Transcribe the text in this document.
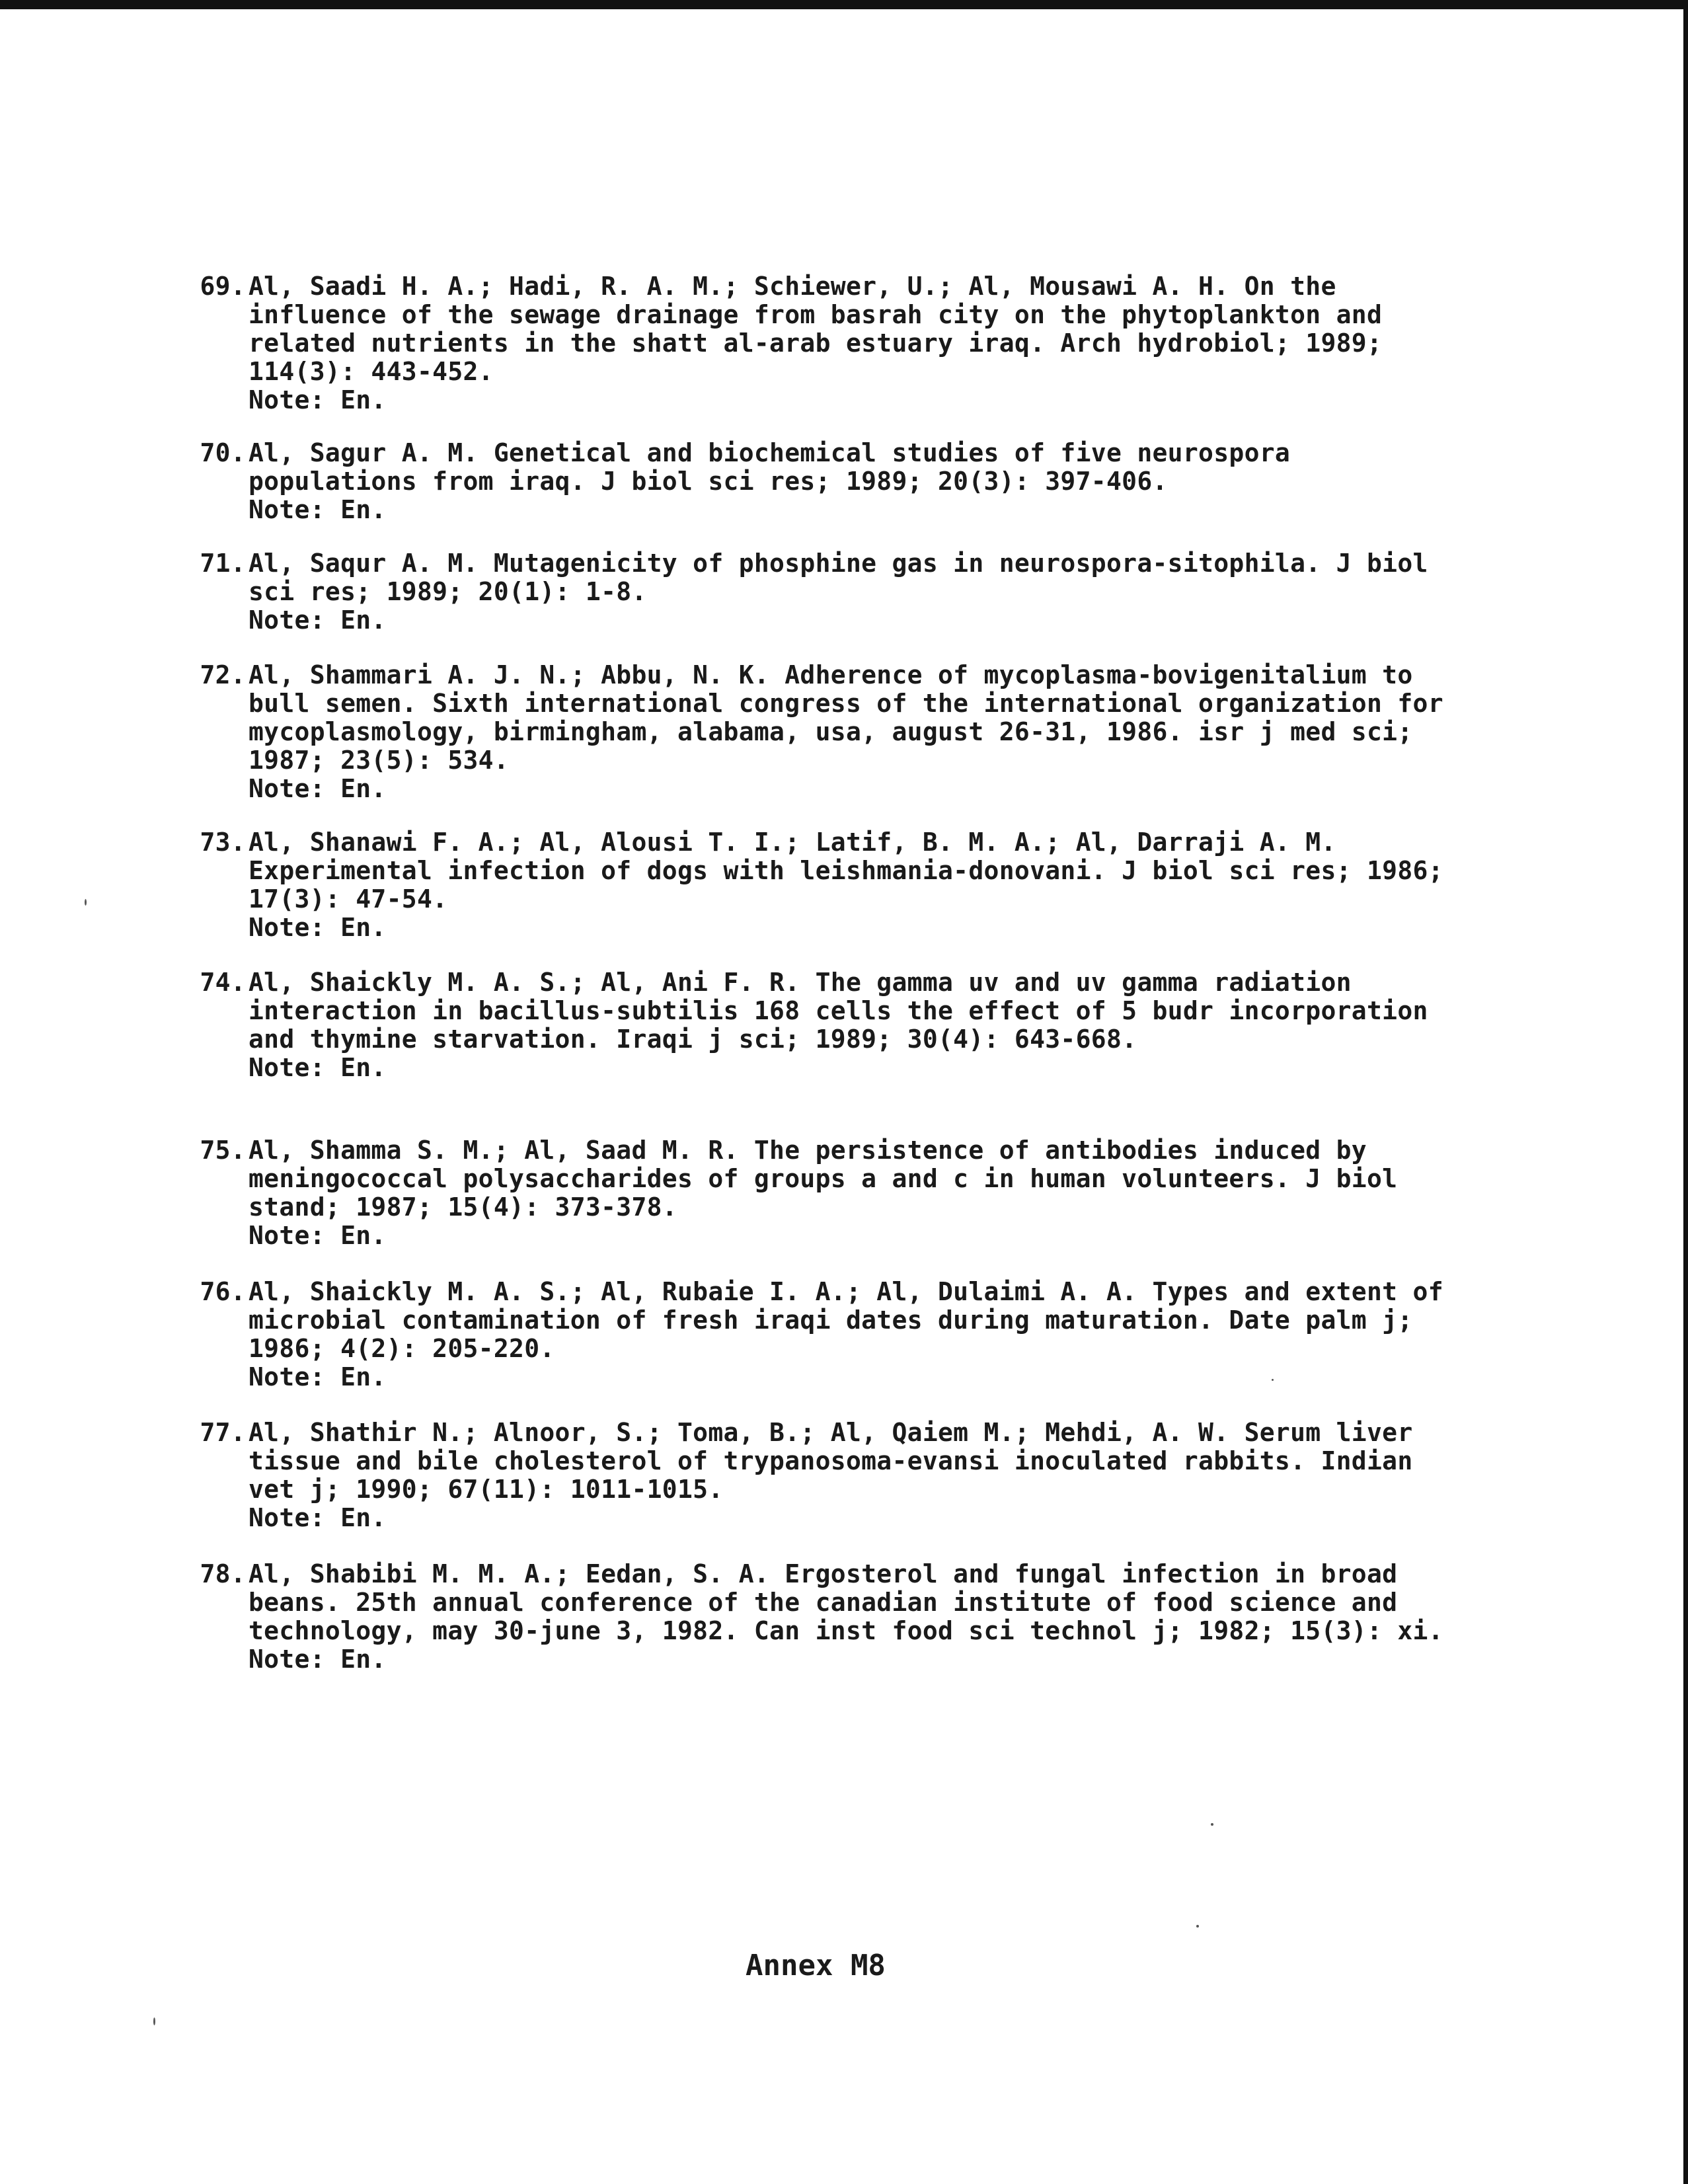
69. Al, Saadi H. A.; Hadi, R. A. M.; Schiewer, U.; Al, Mousawi A. H. On the influence of the sewage drainage from basrah city on the phytoplankton and related nutrients in the shatt al-arab estuary iraq. Arch hydrobiol; 1989; 114(3): 443-452.
Note: En.
70. Al, Sagur A. M. Genetical and biochemical studies of five neurospora populations from iraq. J biol sci res; 1989; 20(3): 397-406.
Note: En.
71. Al, Saqur A. M. Mutagenicity of phosphine gas in neurospora-sitophila. J biol sci res; 1989; 20(1): 1-8.
Note: En.
72. Al, Shammari A. J. N.; Abbu, N. K. Adherence of mycoplasma-bovigenitalium to bull semen. Sixth international congress of the international organization for mycoplasmology, birmingham, alabama, usa, august 26-31, 1986. isr j med sci; 1987; 23(5): 534.
Note: En.
73. Al, Shanawi F. A.; Al, Alousi T. I.; Latif, B. M. A.; Al, Darraji A. M. Experimental infection of dogs with leishmania-donovani. J biol sci res; 1986; 17(3): 47-54.
Note: En.
74. Al, Shaickly M. A. S.; Al, Ani F. R. The gamma uv and uv gamma radiation interaction in bacillus-subtilis 168 cells the effect of 5 budr incorporation and thymine starvation. Iraqi j sci; 1989; 30(4): 643-668.
Note: En.
75. Al, Shamma S. M.; Al, Saad M. R. The persistence of antibodies induced by meningococcal polysaccharides of groups a and c in human volunteers. J biol stand; 1987; 15(4): 373-378.
Note: En.
76. Al, Shaickly M. A. S.; Al, Rubaie I. A.; Al, Dulaimi A. A. Types and extent of microbial contamination of fresh iraqi dates during maturation. Date palm j; 1986; 4(2): 205-220.
Note: En.
77. Al, Shathir N.; Alnoor, S.; Toma, B.; Al, Qaiem M.; Mehdi, A. W. Serum liver tissue and bile cholesterol of trypanosoma-evansi inoculated rabbits. Indian vet j; 1990; 67(11): 1011-1015.
Note: En.
78. Al, Shabibi M. M. A.; Eedan, S. A. Ergosterol and fungal infection in broad beans. 25th annual conference of the canadian institute of food science and technology, may 30-june 3, 1982. Can inst food sci technol j; 1982; 15(3): xi.
Note: En.
Annex M8
